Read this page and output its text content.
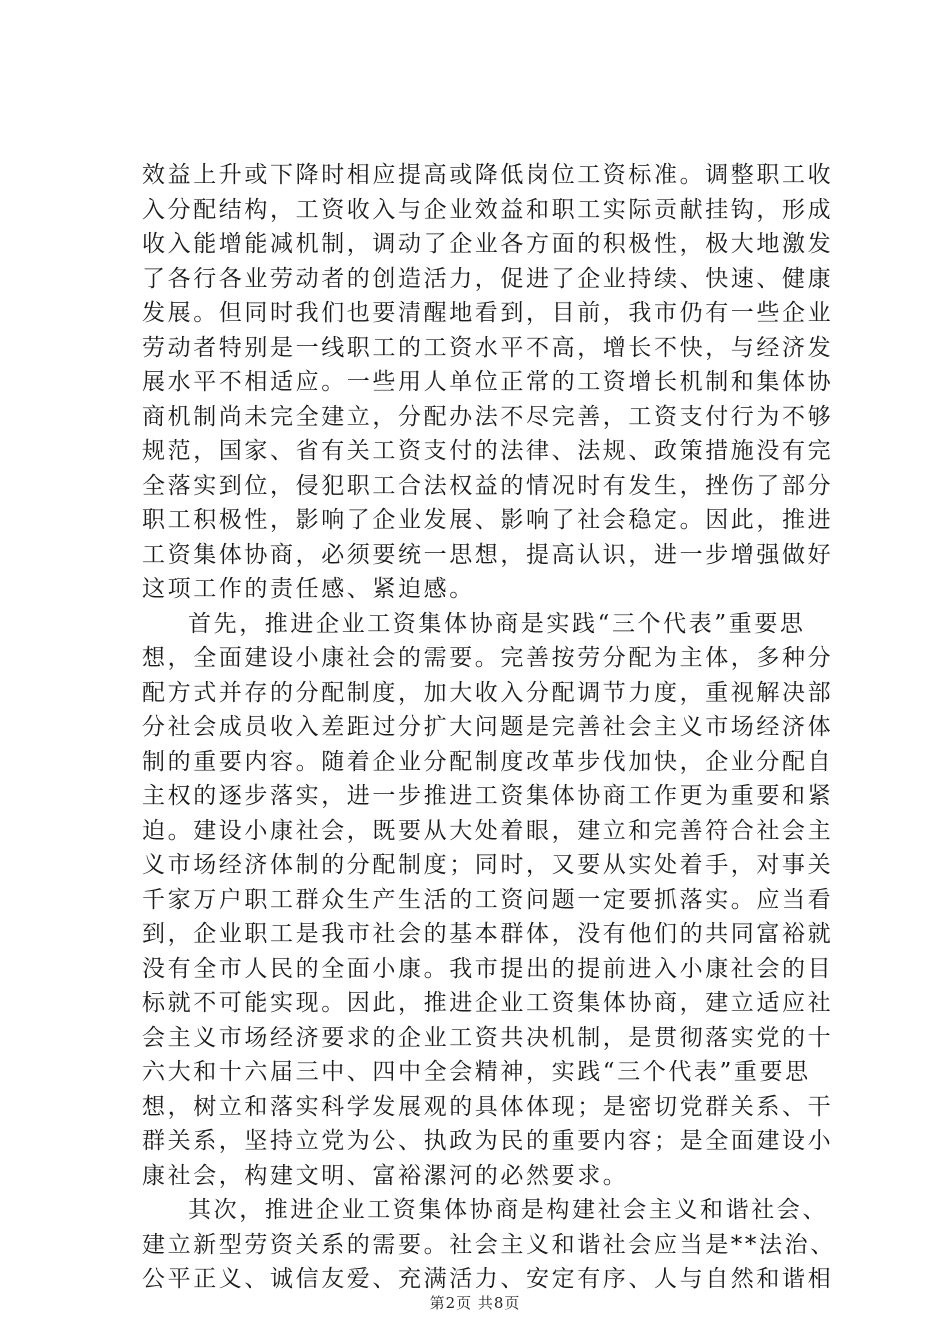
效益上升或下降时相应提高或降低岗位工资标准。调整职工收
入分配结构，工资收入与企业效益和职工实际贡献挂钩，形成
收入能增能减机制，调动了企业各方面的积极性，极大地激发
了各行各业劳动者的创造活力，促进了企业持续、快速、健康
发展。但同时我们也要清醒地看到，目前，我市仍有一些企业
劳动者特别是一线职工的工资水平不高，增长不快，与经济发
展水平不相适应。一些用人单位正常的工资增长机制和集体协
商机制尚未完全建立，分配办法不尽完善，工资支付行为不够
规范，国家、省有关工资支付的法律、法规、政策措施没有完
全落实到位，侵犯职工合法权益的情况时有发生，挫伤了部分
职工积极性，影响了企业发展、影响了社会稳定。因此，推进
工资集体协商，必须要统一思想，提高认识，进一步增强做好
这项工作的责任感、紧迫感。
首先，推进企业工资集体协商是实践“三个代表”重要思
想，全面建设小康社会的需要。完善按劳分配为主体，多种分
配方式并存的分配制度，加大收入分配调节力度，重视解决部
分社会成员收入差距过分扩大问题是完善社会主义市场经济体
制的重要内容。随着企业分配制度改革步伐加快，企业分配自
主权的逐步落实，进一步推进工资集体协商工作更为重要和紧
迫。建设小康社会，既要从大处着眼，建立和完善符合社会主
义市场经济体制的分配制度；同时，又要从实处着手，对事关
千家万户职工群众生产生活的工资问题一定要抓落实。应当看
到，企业职工是我市社会的基本群体，没有他们的共同富裕就
没有全市人民的全面小康。我市提出的提前进入小康社会的目
标就不可能实现。因此，推进企业工资集体协商，建立适应社
会主义市场经济要求的企业工资共决机制，是贯彻落实党的十
六大和十六届三中、四中全会精神，实践“三个代表”重要思
想，树立和落实科学发展观的具体体现；是密切党群关系、干
群关系，坚持立党为公、执政为民的重要内容；是全面建设小
康社会，构建文明、富裕漯河的必然要求。
其次，推进企业工资集体协商是构建社会主义和谐社会、
建立新型劳资关系的需要。社会主义和谐社会应当是**法治、
公平正义、诚信友爱、充满活力、安定有序、人与自然和谐相
第2页 共8页
